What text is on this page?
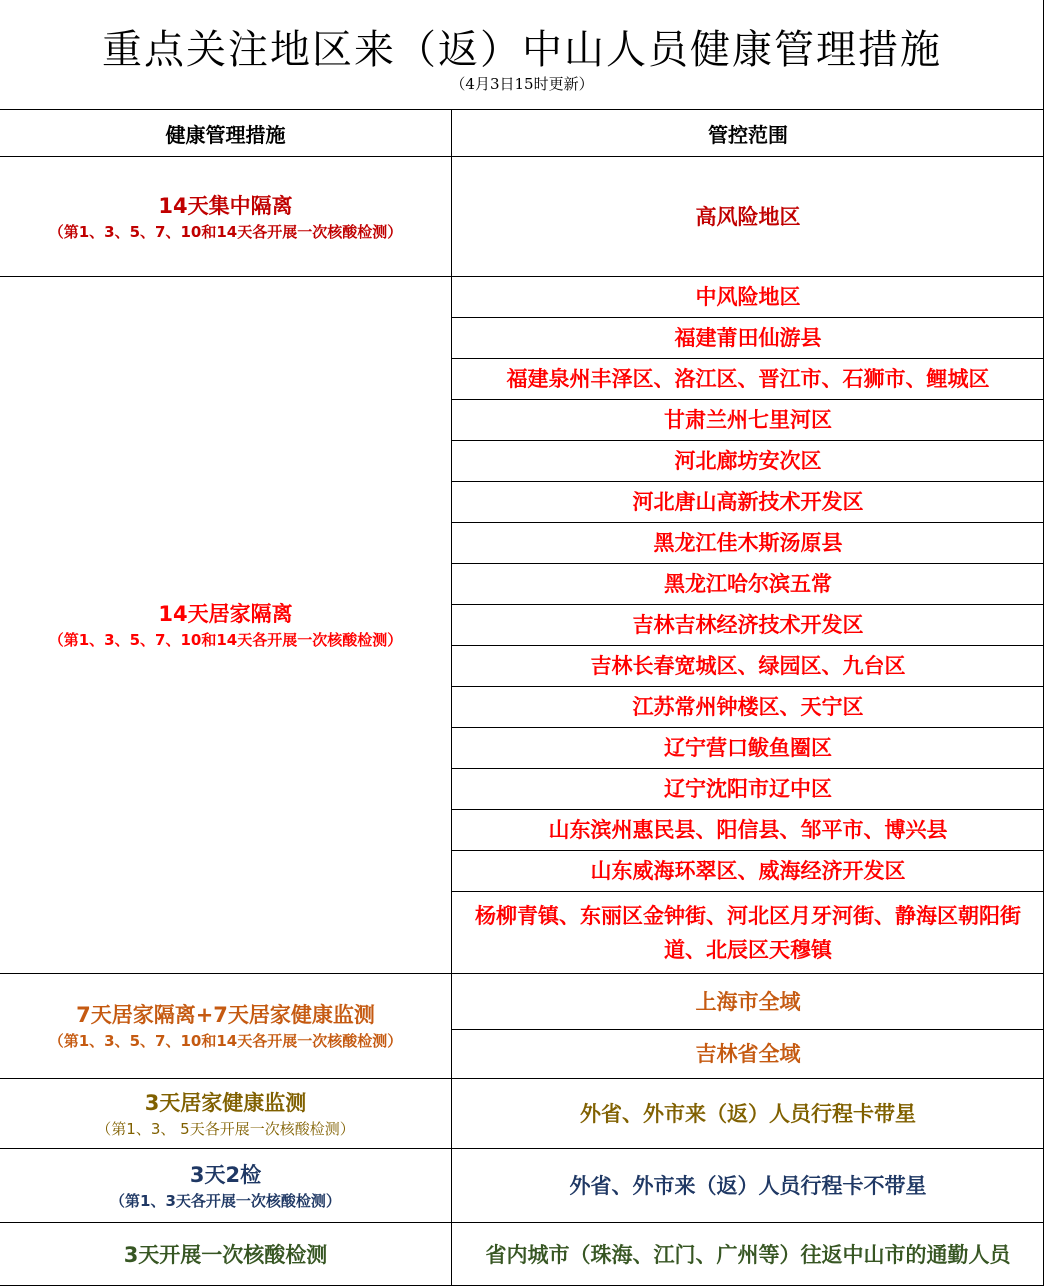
重点关注地区来（返）中山人员健康管理措施
（4月3日15时更新）
健康管理措施	管控范围
14天集中隔离
（第1、3、5、7、10和14天各开展一次核酸检测）
高风险地区
14天居家隔离
（第1、3、5、7、10和14天各开展一次核酸检测）
中风险地区
福建莆田仙游县
福建泉州丰泽区、洛江区、晋江市、石狮市、鲤城区
甘肃兰州七里河区
河北廊坊安次区
河北唐山高新技术开发区
黑龙江佳木斯汤原县
黑龙江哈尔滨五常
吉林吉林经济技术开发区
吉林长春宽城区、绿园区、九台区
江苏常州钟楼区、天宁区
辽宁营口鲅鱼圈区
辽宁沈阳市辽中区
山东滨州惠民县、阳信县、邹平市、博兴县
山东威海环翠区、威海经济开发区
杨柳青镇、东丽区金钟街、河北区月牙河街、静海区朝阳街道、北辰区天穆镇
7天居家隔离+7天居家健康监测
（第1、3、5、7、10和14天各开展一次核酸检测）
上海市全域
吉林省全域
3天居家健康监测
（第1、3、 5天各开展一次核酸检测）
外省、外市来（返）人员行程卡带星
3天2检
（第1、3天各开展一次核酸检测）
外省、外市来（返）人员行程卡不带星
3天开展一次核酸检测	省内城市（珠海、江门、广州等）往返中山市的通勤人员
